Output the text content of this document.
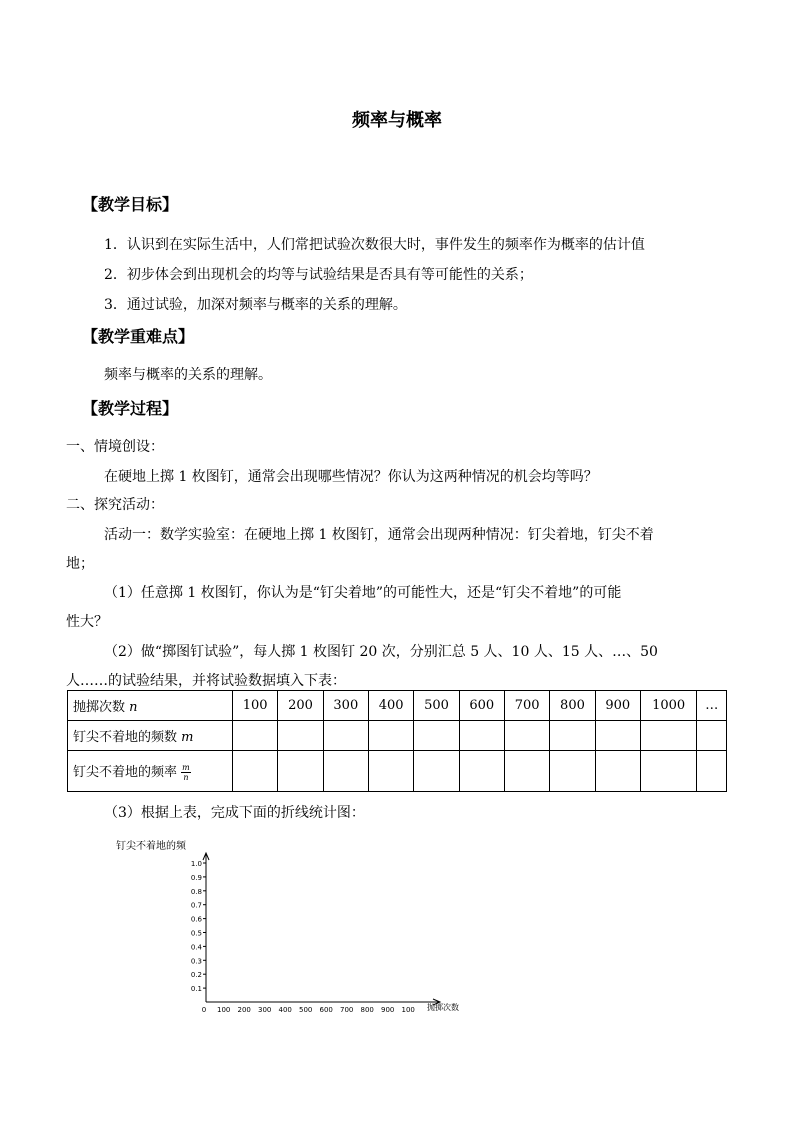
频率与概率
【教学目标】
1．认识到在实际生活中，人们常把试验次数很大时，事件发生的频率作为概率的估计值
2．初步体会到出现机会的均等与试验结果是否具有等可能性的关系；
3．通过试验，加深对频率与概率的关系的理解。
【教学重难点】
频率与概率的关系的理解。
【教学过程】
一、情境创设：
在硬地上掷 1 枚图钉，通常会出现哪些情况？你认为这两种情况的机会均等吗？
二、探究活动：
活动一：数学实验室：在硬地上掷 1 枚图钉，通常会出现两种情况：钉尖着地，钉尖不着
地；
（1）任意掷 1 枚图钉，你认为是“钉尖着地”的可能性大，还是“钉尖不着地”的可能
性大？
（2）做“掷图钉试验”，每人掷 1 枚图钉 20 次，分别汇总 5 人、10 人、15 人、…、50
人……的试验结果，并将试验数据填入下表：
抛掷次数 n	100	200	300	400	500	600	700	800	900	1000	…
钉尖不着地的频数 m											
钉尖不着地的频率 $\frac{m}{n}$

（3）根据上表，完成下面的折线统计图：
钉尖不着地的频
抛掷次数
1.0
0.9
0.8
0.7
0.6
0.5
0.4
0.3
0.2
0.1
0 100 200 300 400 500 600 700 800 900 100
